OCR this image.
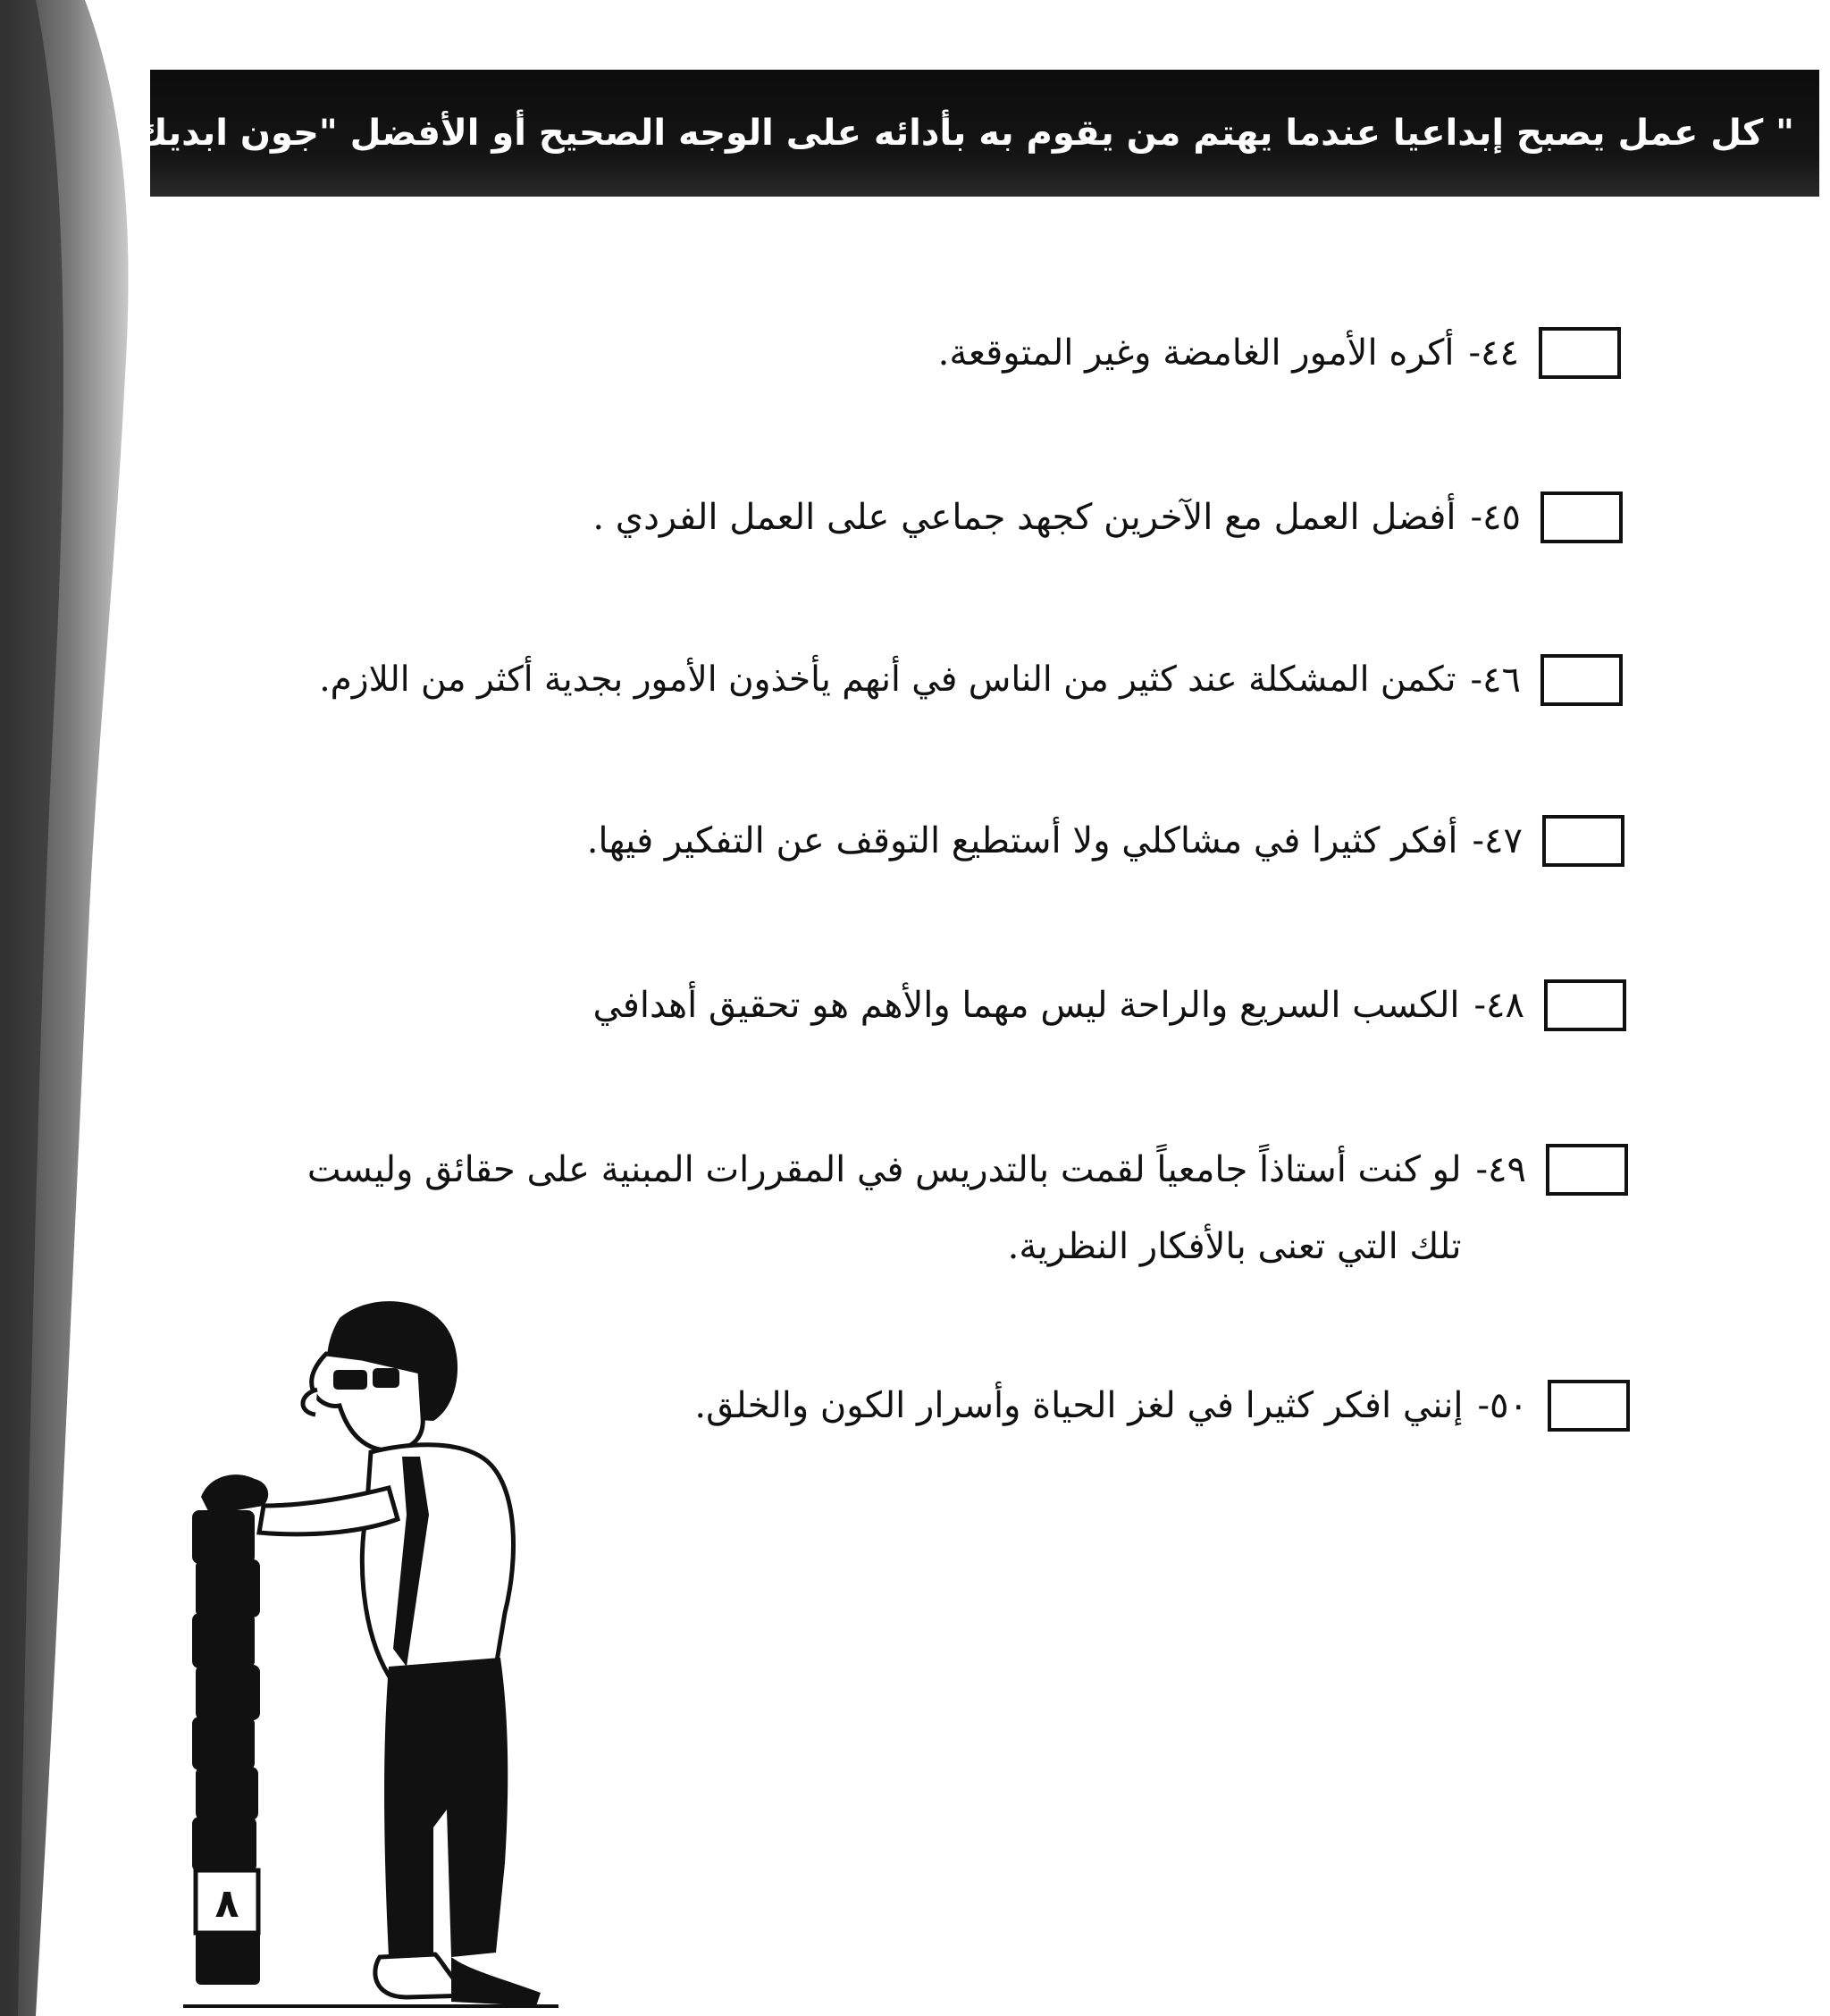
" كل عمل يصبح إبداعيا عندما يهتم من يقوم به بأدائه على الوجه الصحيح أو الأفضل "
جون ابديك
٤٤-
أكره الأمور الغامضة وغير المتوقعة.
٤٥-
أفضل العمل مع الآخرين كجهد جماعي على العمل الفردي .
٤٦-
تكمن المشكلة عند كثير من الناس في أنهم يأخذون الأمور بجدية أكثر من اللازم.
٤٧-
أفكر كثيرا في مشاكلي ولا أستطيع التوقف عن التفكير فيها.
٤٨-
الكسب السريع والراحة ليس مهما والأهم هو تحقيق أهدافي
٤٩-
لو كنت أستاذاً جامعياً لقمت بالتدريس في المقررات المبنية على حقائق وليست تلك التي تعنى بالأفكار النظرية.
٥٠-
إنني افكر كثيرا في لغز الحياة وأسرار الكون والخلق.
٨
